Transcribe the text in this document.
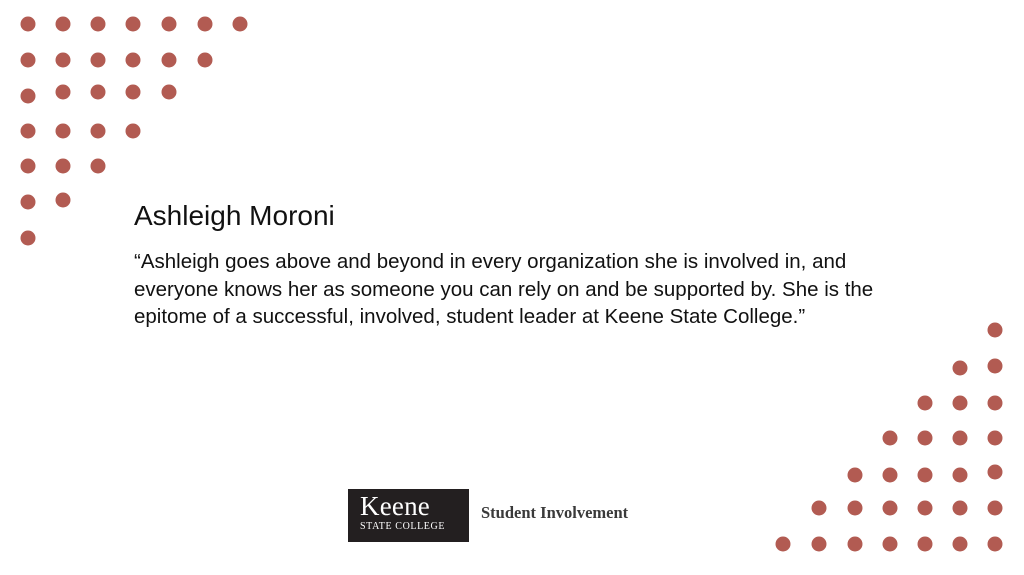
Ashleigh Moroni

“Ashleigh goes above and beyond in every organization she is involved in, and everyone knows her as someone you can rely on and be supported by. She is the epitome of a successful, involved, student leader at Keene State College.”

Keene
STATE COLLEGE

Student Involvement
